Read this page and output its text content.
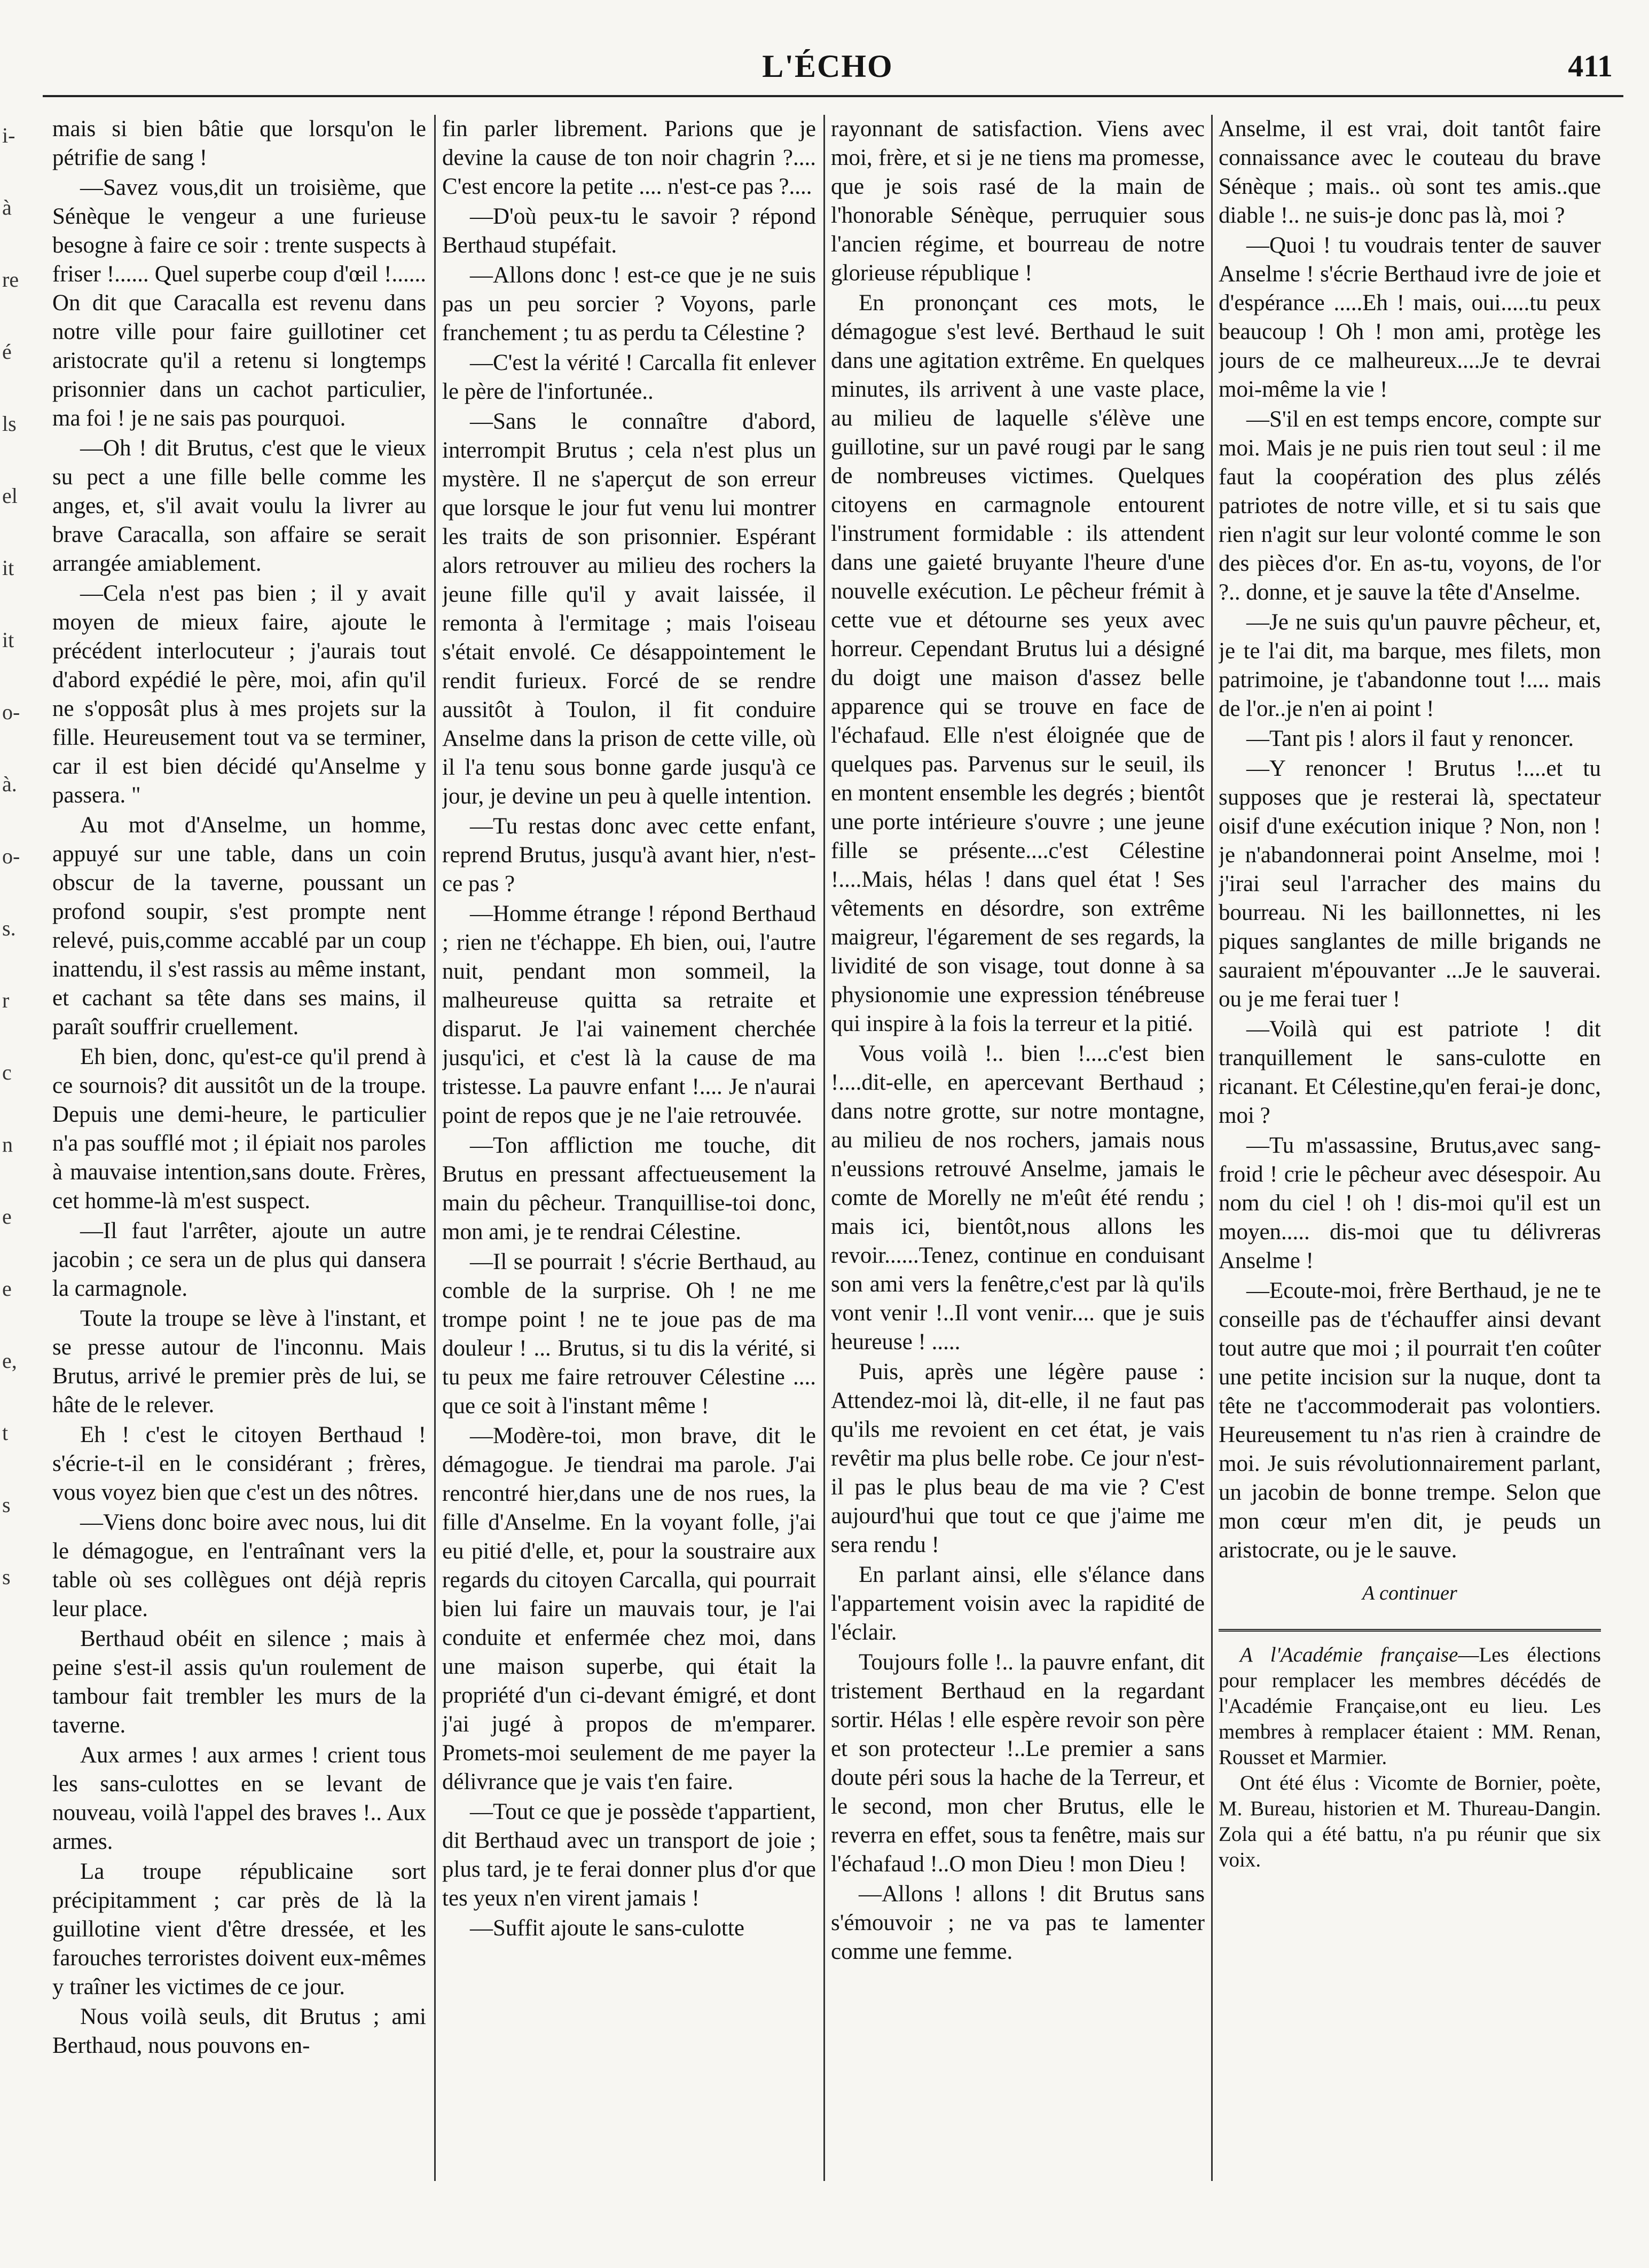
i-
à
re
é
ls
el
it
it
o-
à.
o-
s.
r
c
n
e
e
e,
t
s
s
L'ÉCHO	411

mais si bien bâtie que lorsqu'on le pétrifie de sang !

—Savez vous,dit un troisième, que Sénèque le vengeur a une furieuse besogne à faire ce soir : trente suspects à friser !...... Quel superbe coup d'œil !...... On dit que Caracalla est revenu dans notre ville pour faire guillotiner cet aristocrate qu'il a retenu si longtemps prisonnier dans un cachot particulier, ma foi ! je ne sais pas pourquoi.

—Oh ! dit Brutus, c'est que le vieux su pect a une fille belle comme les anges, et, s'il avait voulu la livrer au brave Caracalla, son affaire se serait arrangée amiablement.

—Cela n'est pas bien ; il y avait moyen de mieux faire, ajoute le précédent interlocuteur ; j'aurais tout d'abord expédié le père, moi, afin qu'il ne s'opposât plus à mes projets sur la fille. Heureusement tout va se terminer, car il est bien décidé qu'Anselme y passera. "

Au mot d'Anselme, un homme, appuyé sur une table, dans un coin obscur de la taverne, poussant un profond soupir, s'est prompte nent relevé, puis,comme accablé par un coup inattendu, il s'est rassis au même instant, et cachant sa tête dans ses mains, il paraît souffrir cruellement.

Eh bien, donc, qu'est-ce qu'il prend à ce sournois? dit aussitôt un de la troupe. Depuis une demi-heure, le particulier n'a pas soufflé mot ; il épiait nos paroles à mauvaise intention,sans doute. Frères, cet homme-là m'est suspect.

—Il faut l'arrêter, ajoute un autre jacobin ; ce sera un de plus qui dansera la carmagnole.

Toute la troupe se lève à l'instant, et se presse autour de l'inconnu. Mais Brutus, arrivé le premier près de lui, se hâte de le relever.

Eh ! c'est le citoyen Berthaud ! s'écrie-t-il en le considérant ; frères, vous voyez bien que c'est un des nôtres.

—Viens donc boire avec nous, lui dit le démagogue, en l'entraînant vers la table où ses collègues ont déjà repris leur place.

Berthaud obéit en silence ; mais à peine s'est-il assis qu'un roulement de tambour fait trembler les murs de la taverne.

Aux armes ! aux armes ! crient tous les sans-culottes en se levant de nouveau, voilà l'appel des braves !.. Aux armes.

La troupe républicaine sort précipitamment ; car près de là la guillotine vient d'être dressée, et les farouches terroristes doivent eux-mêmes y traîner les victimes de ce jour.

Nous voilà seuls, dit Brutus ; ami Berthaud, nous pouvons en-

fin parler librement. Parions que je devine la cause de ton noir chagrin ?.... C'est encore la petite .... n'est-ce pas ?....

—D'où peux-tu le savoir ? répond Berthaud stupéfait.

—Allons donc ! est-ce que je ne suis pas un peu sorcier ? Voyons, parle franchement ; tu as perdu ta Célestine ?

—C'est la vérité ! Carcalla fit enlever le père de l'infortunée..

—Sans le connaître d'abord, interrompit Brutus ; cela n'est plus un mystère. Il ne s'aperçut de son erreur que lorsque le jour fut venu lui montrer les traits de son prisonnier. Espérant alors retrouver au milieu des rochers la jeune fille qu'il y avait laissée, il remonta à l'ermitage ; mais l'oiseau s'était envolé. Ce désappointement le rendit furieux. Forcé de se rendre aussitôt à Toulon, il fit conduire Anselme dans la prison de cette ville, où il l'a tenu sous bonne garde jusqu'à ce jour, je devine un peu à quelle intention.

—Tu restas donc avec cette enfant, reprend Brutus, jusqu'à avant hier, n'est-ce pas ?

—Homme étrange ! répond Berthaud ; rien ne t'échappe. Eh bien, oui, l'autre nuit, pendant mon sommeil, la malheureuse quitta sa retraite et disparut. Je l'ai vainement cherchée jusqu'ici, et c'est là la cause de ma tristesse. La pauvre enfant !.... Je n'aurai point de repos que je ne l'aie retrouvée.

—Ton affliction me touche, dit Brutus en pressant affectueusement la main du pêcheur. Tranquillise-toi donc, mon ami, je te rendrai Célestine.

—Il se pourrait ! s'écrie Berthaud, au comble de la surprise. Oh ! ne me trompe point ! ne te joue pas de ma douleur ! ... Brutus, si tu dis la vérité, si tu peux me faire retrouver Célestine .... que ce soit à l'instant même !

—Modère-toi, mon brave, dit le démagogue. Je tiendrai ma parole. J'ai rencontré hier,dans une de nos rues, la fille d'Anselme. En la voyant folle, j'ai eu pitié d'elle, et, pour la soustraire aux regards du citoyen Carcalla, qui pourrait bien lui faire un mauvais tour, je l'ai conduite et enfermée chez moi, dans une maison superbe, qui était la propriété d'un ci-devant émigré, et dont j'ai jugé à propos de m'emparer. Promets-moi seulement de me payer la délivrance que je vais t'en faire.

—Tout ce que je possède t'appartient, dit Berthaud avec un transport de joie ; plus tard, je te ferai donner plus d'or que tes yeux n'en virent jamais !

—Suffit ajoute le sans-culotte

rayonnant de satisfaction. Viens avec moi, frère, et si je ne tiens ma promesse, que je sois rasé de la main de l'honorable Sénèque, perruquier sous l'ancien régime, et bourreau de notre glorieuse république !

En prononçant ces mots, le démagogue s'est levé. Berthaud le suit dans une agitation extrême. En quelques minutes, ils arrivent à une vaste place, au milieu de laquelle s'élève une guillotine, sur un pavé rougi par le sang de nombreuses victimes. Quelques citoyens en carmagnole entourent l'instrument formidable : ils attendent dans une gaieté bruyante l'heure d'une nouvelle exécution. Le pêcheur frémit à cette vue et détourne ses yeux avec horreur. Cependant Brutus lui a désigné du doigt une maison d'assez belle apparence qui se trouve en face de l'échafaud. Elle n'est éloignée que de quelques pas. Parvenus sur le seuil, ils en montent ensemble les degrés ; bientôt une porte intérieure s'ouvre ; une jeune fille se présente....c'est Célestine !....Mais, hélas ! dans quel état ! Ses vêtements en désordre, son extrême maigreur, l'égarement de ses regards, la lividité de son visage, tout donne à sa physionomie une expression ténébreuse qui inspire à la fois la terreur et la pitié.

Vous voilà !.. bien !....c'est bien !....dit-elle, en apercevant Berthaud ; dans notre grotte, sur notre montagne, au milieu de nos rochers, jamais nous n'eussions retrouvé Anselme, jamais le comte de Morelly ne m'eût été rendu ; mais ici, bientôt,nous allons les revoir......Tenez, continue en conduisant son ami vers la fenêtre,c'est par là qu'ils vont venir !..Il vont venir.... que je suis heureuse ! .....

Puis, après une légère pause : Attendez-moi là, dit-elle, il ne faut pas qu'ils me revoient en cet état, je vais revêtir ma plus belle robe. Ce jour n'est-il pas le plus beau de ma vie ? C'est aujourd'hui que tout ce que j'aime me sera rendu !

En parlant ainsi, elle s'élance dans l'appartement voisin avec la rapidité de l'éclair.

Toujours folle !.. la pauvre enfant, dit tristement Berthaud en la regardant sortir. Hélas ! elle espère revoir son père et son protecteur !..Le premier a sans doute péri sous la hache de la Terreur, et le second, mon cher Brutus, elle le reverra en effet, sous ta fenêtre, mais sur l'échafaud !..O mon Dieu ! mon Dieu !

—Allons ! allons ! dit Brutus sans s'émouvoir ; ne va pas te lamenter comme une femme.

Anselme, il est vrai, doit tantôt faire connaissance avec le couteau du brave Sénèque ; mais.. où sont tes amis..que diable !.. ne suis-je donc pas là, moi ?

—Quoi ! tu voudrais tenter de sauver Anselme ! s'écrie Berthaud ivre de joie et d'espérance .....Eh ! mais, oui.....tu peux beaucoup ! Oh ! mon ami, protège les jours de ce malheureux....Je te devrai moi-même la vie !

—S'il en est temps encore, compte sur moi. Mais je ne puis rien tout seul : il me faut la coopération des plus zélés patriotes de notre ville, et si tu sais que rien n'agit sur leur volonté comme le son des pièces d'or. En as-tu, voyons, de l'or ?.. donne, et je sauve la tête d'Anselme.

—Je ne suis qu'un pauvre pêcheur, et, je te l'ai dit, ma barque, mes filets, mon patrimoine, je t'abandonne tout !.... mais de l'or..je n'en ai point !

—Tant pis ! alors il faut y renoncer.

—Y renoncer ! Brutus !....et tu supposes que je resterai là, spectateur oisif d'une exécution inique ? Non, non ! je n'abandonnerai point Anselme, moi ! j'irai seul l'arracher des mains du bourreau. Ni les baillonnettes, ni les piques sanglantes de mille brigands ne sauraient m'épouvanter ...Je le sauverai. ou je me ferai tuer !

—Voilà qui est patriote ! dit tranquillement le sans-culotte en ricanant. Et Célestine,qu'en ferai-je donc, moi ?

—Tu m'assassine, Brutus,avec sang-froid ! crie le pêcheur avec désespoir. Au nom du ciel ! oh ! dis-moi qu'il est un moyen..... dis-moi que tu délivreras Anselme !

—Ecoute-moi, frère Berthaud, je ne te conseille pas de t'échauffer ainsi devant tout autre que moi ; il pourrait t'en coûter une petite incision sur la nuque, dont ta tête ne t'accommoderait pas volontiers. Heureusement tu n'as rien à craindre de moi. Je suis révolutionnairement parlant, un jacobin de bonne trempe. Selon que mon cœur m'en dit, je peuds un aristocrate, ou je le sauve.

A continuer

A l'Académie française—Les élections pour remplacer les membres décédés de l'Académie Française,ont eu lieu. Les membres à remplacer étaient : MM. Renan, Rousset et Marmier.

Ont été élus : Vicomte de Bornier, poète, M. Bureau, historien et M. Thureau-Dangin. Zola qui a été battu, n'a pu réunir que six voix.
